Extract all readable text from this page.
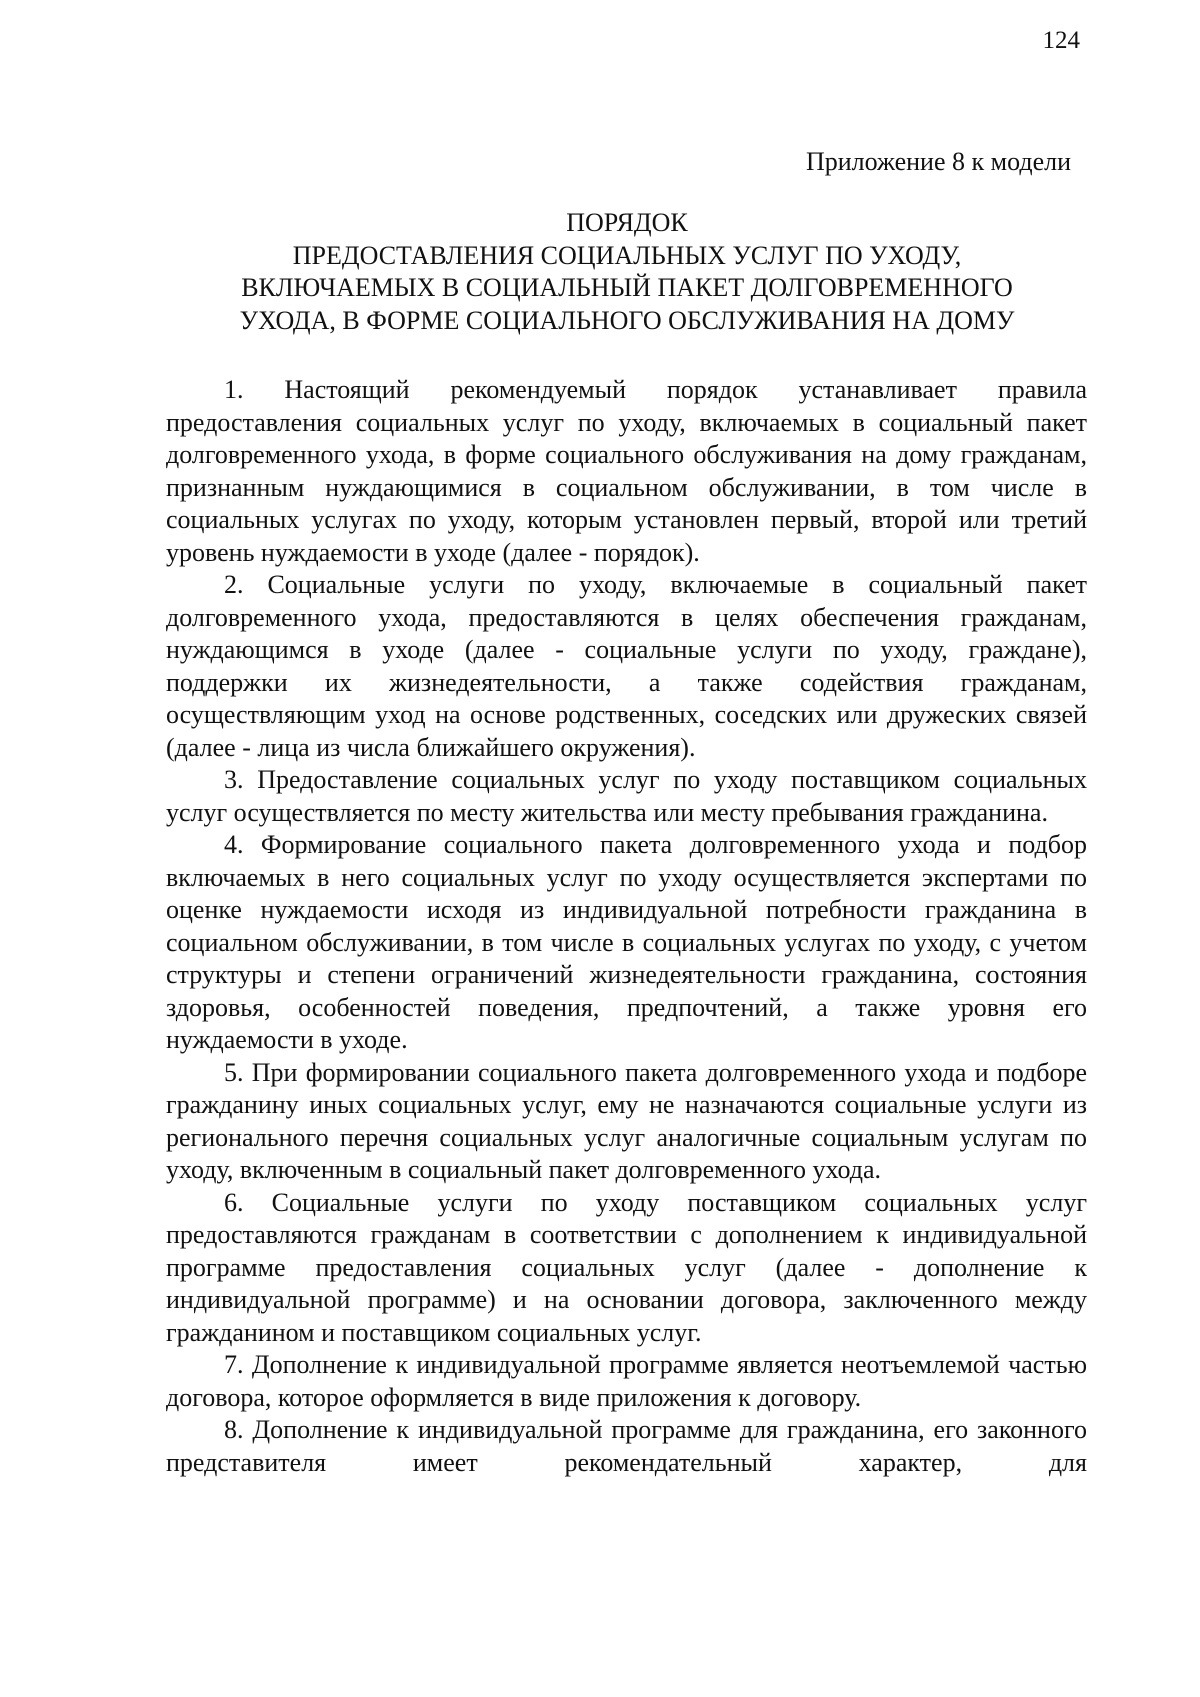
124
Приложение 8 к модели
ПОРЯДОК
ПРЕДОСТАВЛЕНИЯ СОЦИАЛЬНЫХ УСЛУГ ПО УХОДУ,
ВКЛЮЧАЕМЫХ В СОЦИАЛЬНЫЙ ПАКЕТ ДОЛГОВРЕМЕННОГО
УХОДА, В ФОРМЕ СОЦИАЛЬНОГО ОБСЛУЖИВАНИЯ НА ДОМУ

1. Настоящий рекомендуемый порядок устанавливает правила предоставления социальных услуг по уходу, включаемых в социальный пакет долговременного ухода, в форме социального обслуживания на дому гражданам, признанным нуждающимися в социальном обслуживании, в том числе в социальных услугах по уходу, которым установлен первый, второй или третий уровень нуждаемости в уходе (далее - порядок).

2. Социальные услуги по уходу, включаемые в социальный пакет долговременного ухода, предоставляются в целях обеспечения гражданам, нуждающимся в уходе (далее - социальные услуги по уходу, граждане), поддержки их жизнедеятельности, а также содействия гражданам, осуществляющим уход на основе родственных, соседских или дружеских связей (далее - лица из числа ближайшего окружения).

3. Предоставление социальных услуг по уходу поставщиком социальных услуг осуществляется по месту жительства или месту пребывания гражданина.

4. Формирование социального пакета долговременного ухода и подбор включаемых в него социальных услуг по уходу осуществляется экспертами по оценке нуждаемости исходя из индивидуальной потребности гражданина в социальном обслуживании, в том числе в социальных услугах по уходу, с учетом структуры и степени ограничений жизнедеятельности гражданина, состояния здоровья, особенностей поведения, предпочтений, а также уровня его нуждаемости в уходе.

5. При формировании социального пакета долговременного ухода и подборе гражданину иных социальных услуг, ему не назначаются социальные услуги из регионального перечня социальных услуг аналогичные социальным услугам по уходу, включенным в социальный пакет долговременного ухода.

6. Социальные услуги по уходу поставщиком социальных услуг предоставляются гражданам в соответствии с дополнением к индивидуальной программе предоставления социальных услуг (далее - дополнение к индивидуальной программе) и на основании договора, заключенного между гражданином и поставщиком социальных услуг.

7. Дополнение к индивидуальной программе является неотъемлемой частью договора, которое оформляется в виде приложения к договору.

8. Дополнение к индивидуальной программе для гражданина, его законного представителя имеет рекомендательный характер, для
